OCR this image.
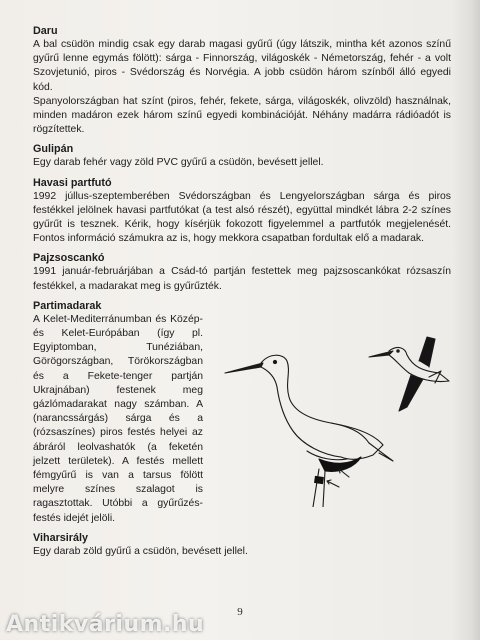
Daru

A bal csüdön mindig csak egy darab magasi gyűrű (úgy látszik, mintha két azonos színű gyűrű lenne egymás fölött): sárga - Finnország, világoskék - Németország, fehér - a volt Szovjetunió, piros - Svédország és Norvégia. A jobb csüdön három színből álló egyedi kód.

Spanyolországban hat színt (piros, fehér, fekete, sárga, világoskék, olivzöld) használnak, minden madáron ezek három színű egyedi kombinációját. Néhány madárra rádióadót is rögzítettek.

Gulipán

Egy darab fehér vagy zöld PVC gyűrű a csüdön, bevésett jellel.

Havasi partfutó

1992 júllus-szeptemberében Svédországban és Lengyelországban sárga és piros festékkel jelölnek havasi partfutókat (a test alsó részét), együttal mindkét lábra 2-2 színes gyűrűt is tesznek. Kérik, hogy kísérjük fokozott figyelemmel a partfutók megjelenését. Fontos információ számukra az is, hogy mekkora csapatban fordultak elő a madarak.

Pajzsoscankó

1991 január-februárjában a Csád-tó partján festettek meg pajzsoscankókat rózsaszín festékkel, a madarakat meg is gyűrűzték.

Partimadarak

A Kelet-Mediterránumban és Közép- és Kelet-Európában (így pl. Egyiptomban, Tunéziában, Görögországban, Törökországban és a Fekete-tenger partján Ukrajnában) festenek meg gázlómadarakat nagy számban. A (narancssárgás) sárga és a (rózsaszínes) piros festés helyei az ábráról leolvashatók (a feketén jelzett területek). A festés mellett fémgyűrű is van a tarsus fölött melyre színes szalagot is ragasztottak. Utóbbi a gyűrűzés-festés idejét jelöli.

Viharsirály

Egy darab zöld gyűrű a csüdön, bevésett jellel.

9
Antikvárium.hu
